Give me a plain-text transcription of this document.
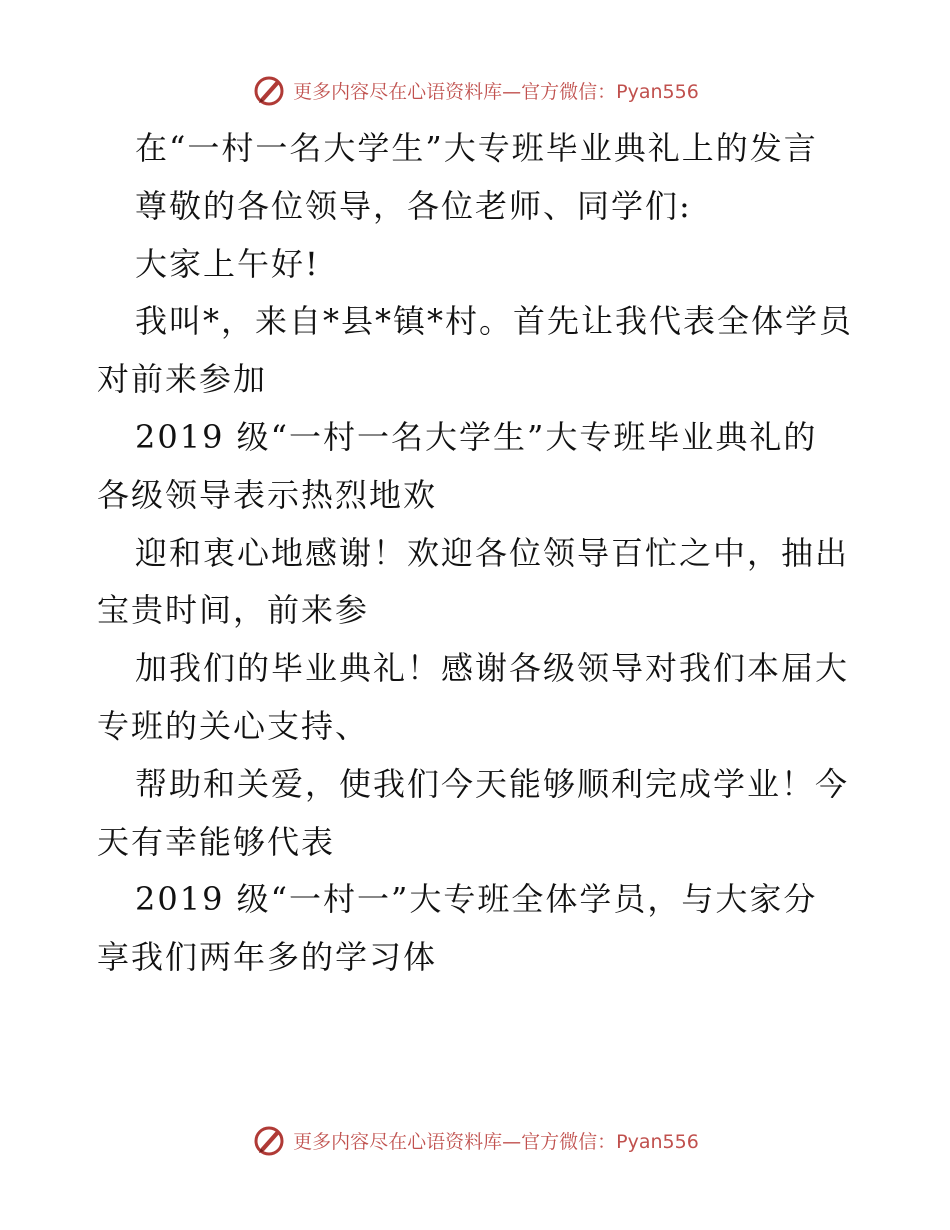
更多内容尽在心语资料库—官方微信：Pyan556
在“一村一名大学生”大专班毕业典礼上的发言
尊敬的各位领导，各位老师、同学们:
大家上午好!
我叫*，来自*县*镇*村。首先让我代表全体学员
对前来参加
2019 级“一村一名大学生”大专班毕业典礼的
各级领导表示热烈地欢
迎和衷心地感谢！欢迎各位领导百忙之中，抽出
宝贵时间，前来参
加我们的毕业典礼！感谢各级领导对我们本届大
专班的关心支持、
帮助和关爱，使我们今天能够顺利完成学业！今
天有幸能够代表
2019 级“一村一”大专班全体学员，与大家分
享我们两年多的学习体
更多内容尽在心语资料库—官方微信：Pyan556
